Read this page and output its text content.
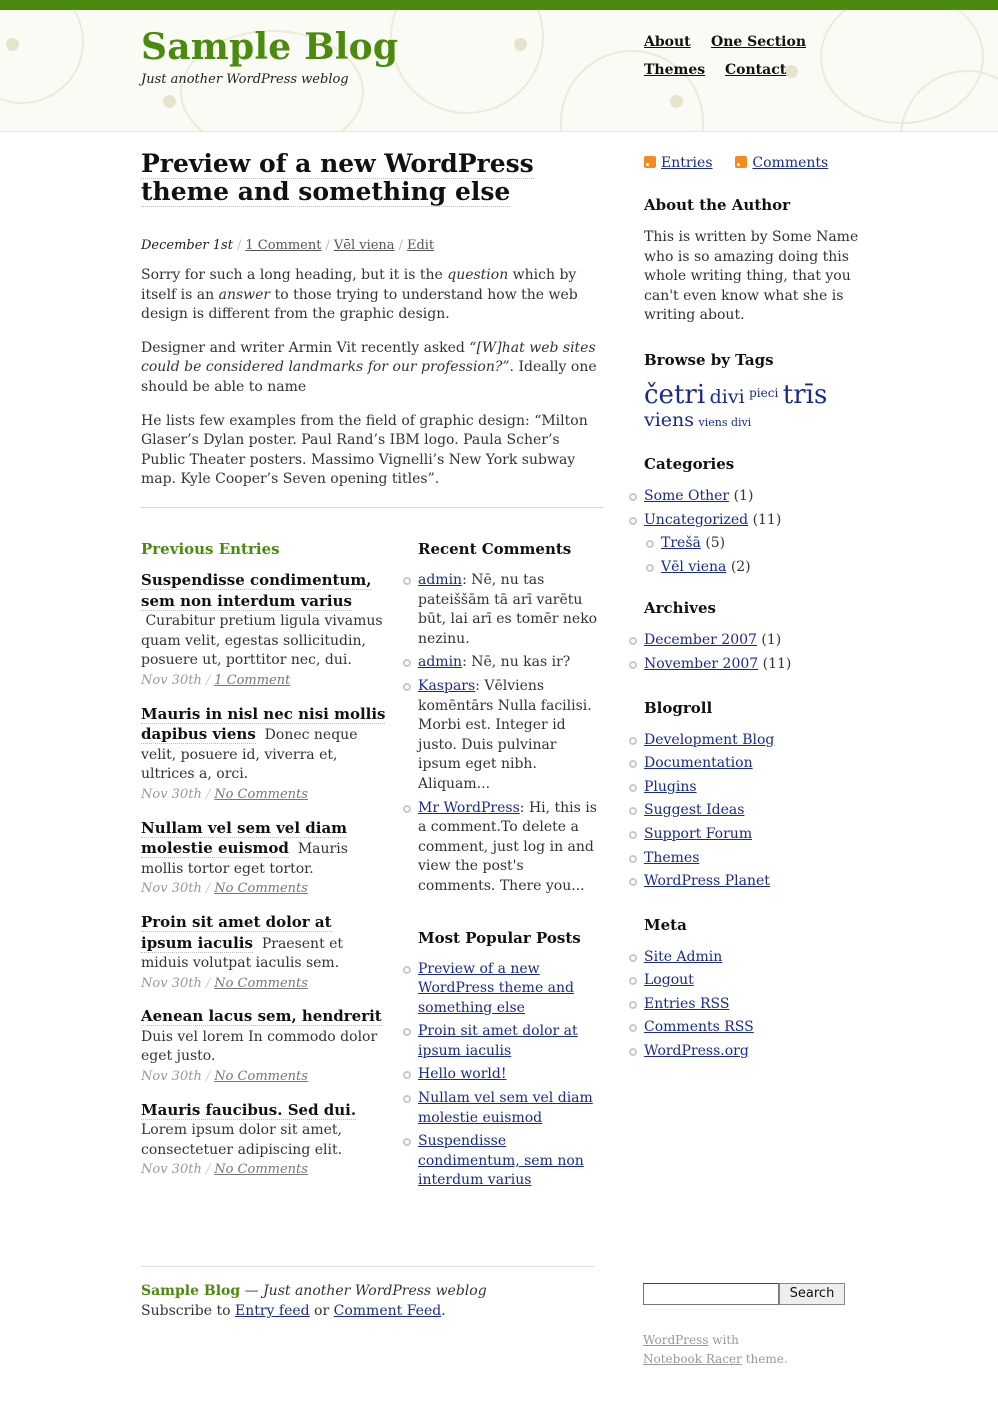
Sample Blog
Just another WordPress weblog
About One Section
Themes Contact
Preview of a new WordPress theme and something else
December 1st / 1 Comment / Vēl viena / Edit

Sorry for such a long heading, but it is the question which by itself is an answer to those trying to understand how the web design is different from the graphic design.

Designer and writer Armin Vit recently asked “[W]hat web sites could be considered landmarks for our profession?”. Ideally one should be able to name

He lists few examples from the field of graphic design: “Milton Glaser’s Dylan poster. Paul Rand’s IBM logo. Paula Scher’s Public Theater posters. Massimo Vignelli’s New York subway map. Kyle Cooper’s Seven opening titles”.

Previous Entries
Suspendisse condimentum, sem non interdum varius  Curabitur pretium ligula vivamus quam velit, egestas sollicitudin, posuere ut, porttitor nec, dui.
Nov 30th / 1 Comment
Mauris in nisl nec nisi mollis dapibus viens Donec neque velit, posuere id, viverra et, ultrices a, orci.
Nov 30th / No Comments
Nullam vel sem vel diam molestie euismod Mauris mollis tortor eget tortor.
Nov 30th / No Comments
Proin sit amet dolor at ipsum iaculis Praesent et miduis volutpat iaculis sem.
Nov 30th / No Comments
Aenean lacus sem, hendrerit
Duis vel lorem In commodo dolor eget justo.
Nov 30th / No Comments
Mauris faucibus. Sed dui.
Lorem ipsum dolor sit amet, consectetuer adipiscing elit.
Nov 30th / No Comments
Recent Comments
admin: Nē, nu tas pateiššām tā arī varētu būt, lai arī es tomēr neko nezinu.
admin: Nē, nu kas ir?
Kaspars: Vēlviens komēntārs Nulla facilisi. Morbi est. Integer id justo. Duis pulvinar ipsum eget nibh. Aliquam...
Mr WordPress: Hi, this is a comment.To delete a comment, just log in and view the post's comments. There you...
Most Popular Posts
Preview of a new WordPress theme and something else
Proin sit amet dolor at ipsum iaculis
Hello world!
Nullam vel sem vel diam molestie euismod
Suspendisse condimentum, sem non interdum varius
Entries	Comments
About the Author

This is written by Some Name who is so amazing doing this whole writing thing, that you can't even know what she is writing about.

Browse by Tags
četri divi pieci trīs
viens viens divi
Categories
Some Other (1)
Uncategorized (11)
Trešā (5)
Vēl viena (2)
Archives
December 2007 (1)
November 2007 (11)
Blogroll
Development Blog
Documentation
Plugins
Suggest Ideas
Support Forum
Themes
WordPress Planet
Meta
Site Admin
Logout
Entries RSS
Comments RSS
WordPress.org
Sample Blog — Just another WordPress weblog
Subscribe to Entry feed or Comment Feed.
Search
WordPress with
Notebook Racer theme.
